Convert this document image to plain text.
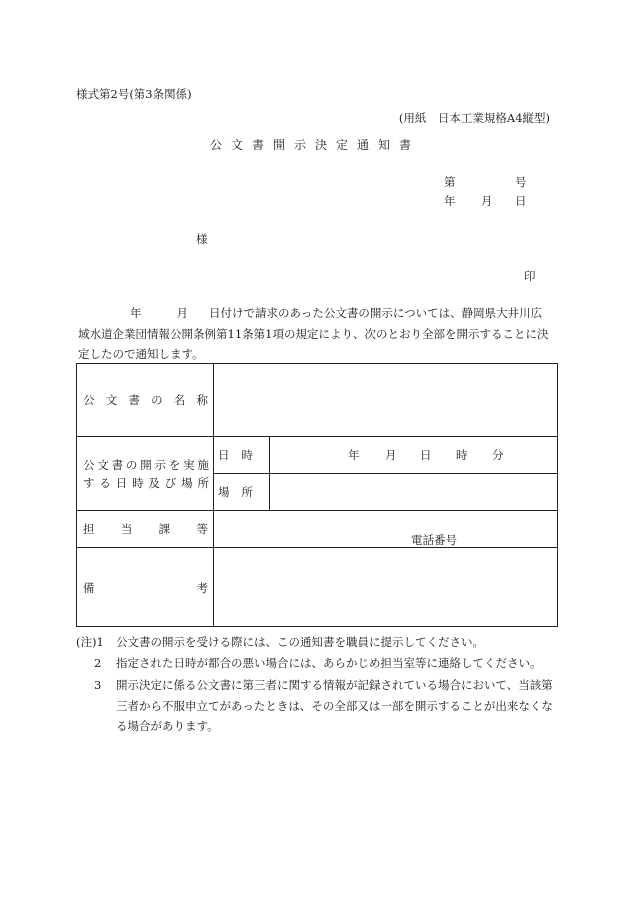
様式第2号(第3条関係)
(用紙　日本工業規格A4縦型)
公文書開示決定通知書
第	号
年 月 日
様
印
年	月 日付けで請求のあった公文書の開示については、静岡県大井川広
域水道企業団情報公開条例第11条第1項の規定により、次のとおり全部を開示することに決
定したので通知します。
公文書の名称		

公文書の開示を実施
する日時及び場所	日時	年 月 日 時 分

	場所	
担当課等	電話番号	

備 考		

(注)1	公文書の開示を受ける際には、この通知書を職員に提示してください。
2	指定された日時が都合の悪い場合には、あらかじめ担当室等に連絡してください。
3	開示決定に係る公文書に第三者に関する情報が記録されている場合において、当該第三者から不服申立てがあったときは、その全部又は一部を開示することが出来なくなる場合があります。
